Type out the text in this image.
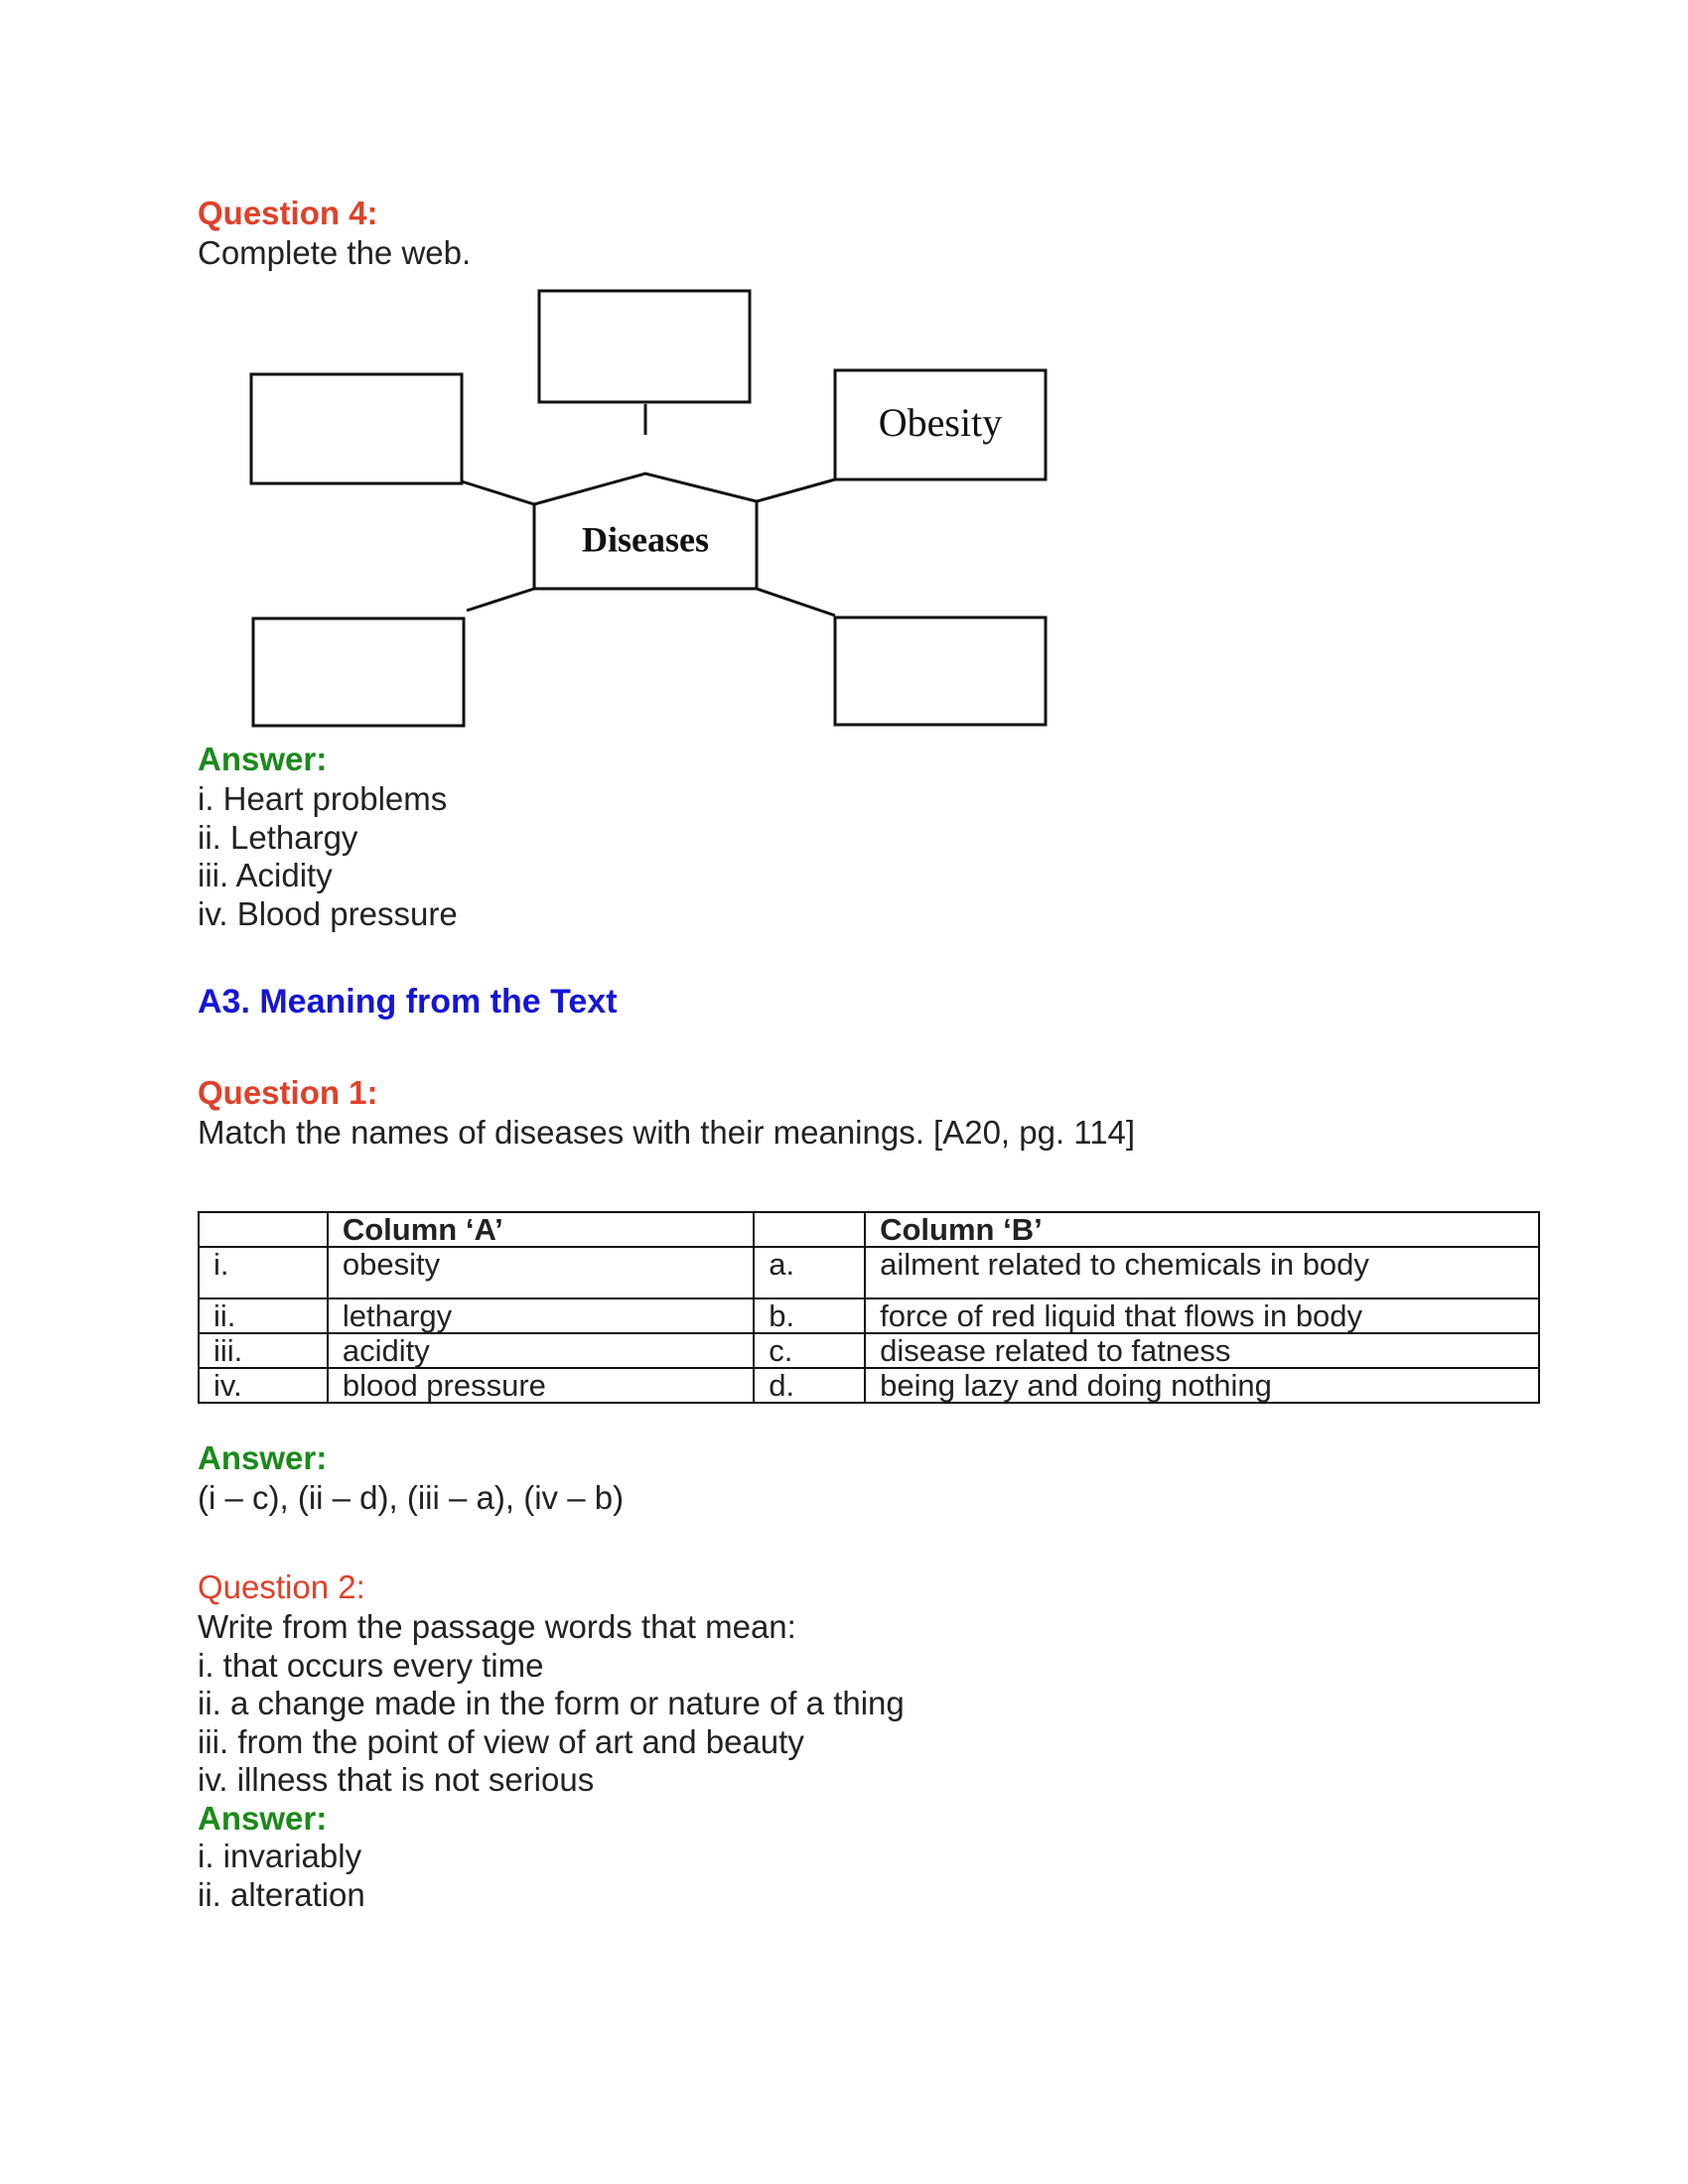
Question 4:
Complete the web.
Diseases
Obesity
Answer:
i. Heart problems
ii. Lethargy
iii. Acidity
iv. Blood pressure
A3. Meaning from the Text
Question 1:
Match the names of diseases with their meanings. [A20, pg. 114]
	Column ‘A’		Column ‘B’
i.	obesity	a.	ailment related to chemicals in body
ii.	lethargy	b.	force of red liquid that flows in body
iii.	acidity	c.	disease related to fatness
iv.	blood pressure	d.	being lazy and doing nothing
Answer:
(i – c), (ii – d), (iii – a), (iv – b)
Question 2:
Write from the passage words that mean:
i. that occurs every time
ii. a change made in the form or nature of a thing
iii. from the point of view of art and beauty
iv. illness that is not serious
Answer:
i. invariably
ii. alteration
